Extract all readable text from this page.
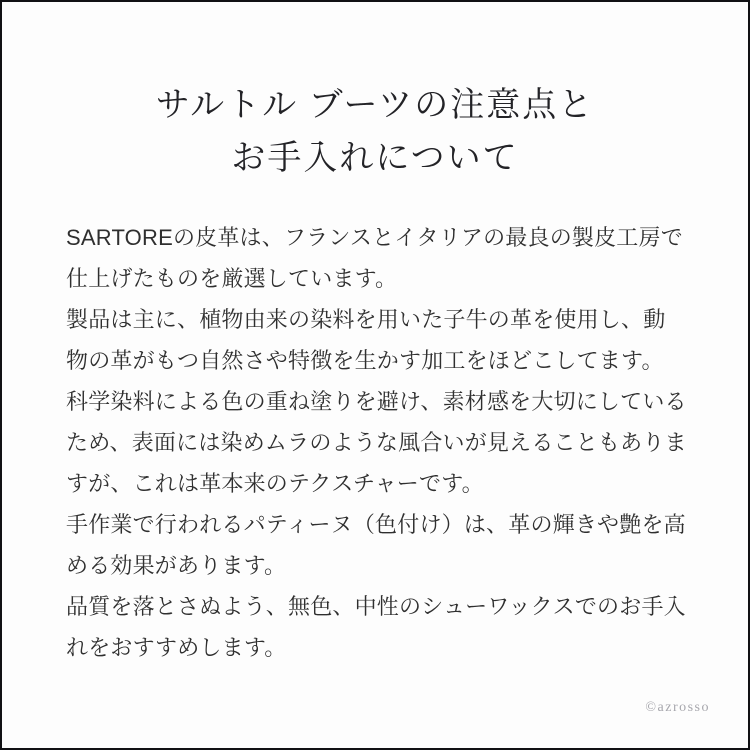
サルトル ブーツの注意点と
お手入れについて
SARTOREの皮革は、フランスとイタリアの最良の製皮工房で
仕上げたものを厳選しています。
製品は主に、植物由来の染料を用いた子牛の革を使用し、動
物の革がもつ自然さや特徴を生かす加工をほどこしてます。
科学染料による色の重ね塗りを避け、素材感を大切にしている
ため、表面には染めムラのような風合いが見えることもありま
すが、これは革本来のテクスチャーです。
手作業で行われるパティーヌ（色付け）は、革の輝きや艶を高
める効果があります。
品質を落とさぬよう、無色、中性のシューワックスでのお手入
れをおすすめします。
©azrosso
